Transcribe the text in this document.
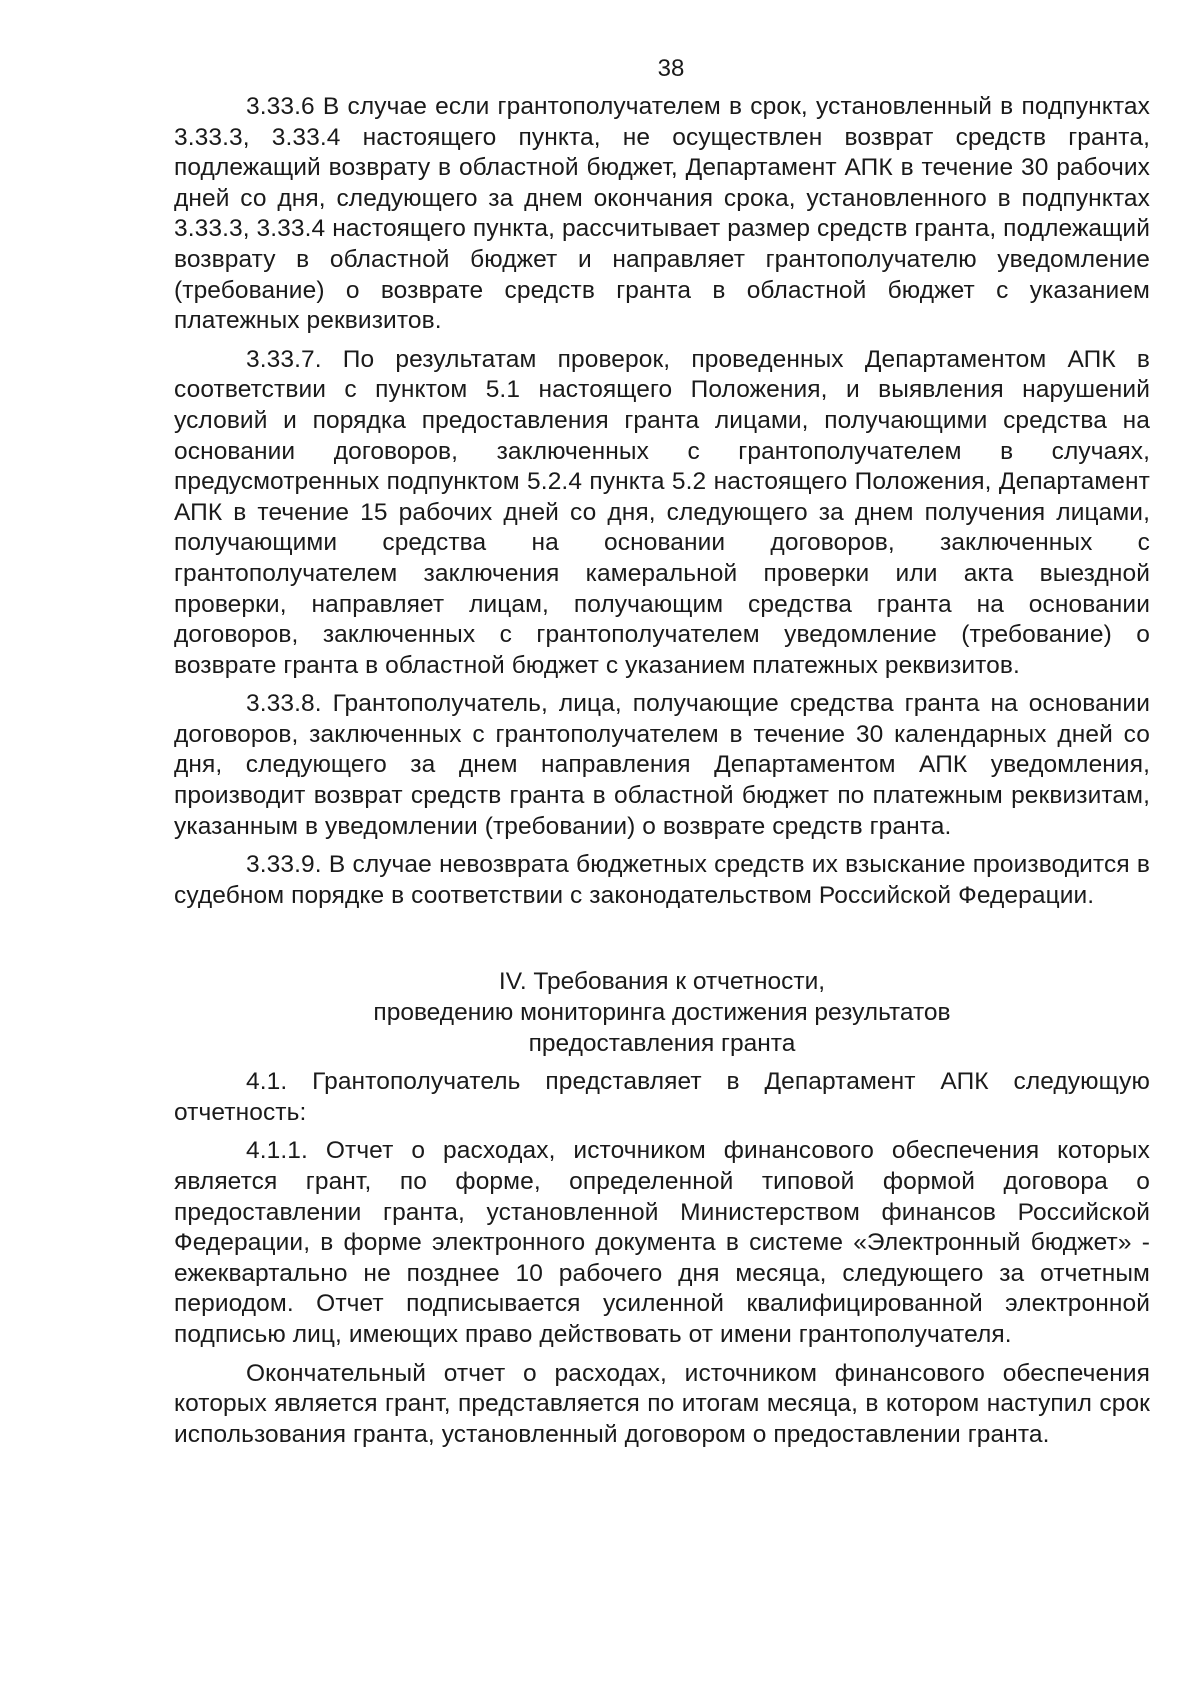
38

3.33.6 В случае если грантополучателем в срок, установленный в подпунктах 3.33.3, 3.33.4 настоящего пункта, не осуществлен возврат средств гранта, подлежащий возврату в областной бюджет, Департамент АПК в течение 30 рабочих дней со дня, следующего за днем окончания срока, установленного в подпунктах 3.33.3, 3.33.4 настоящего пункта, рассчитывает размер средств гранта, подлежащий возврату в областной бюджет и направляет грантополучателю уведомление (требование) о возврате средств гранта в областной бюджет с указанием платежных реквизитов.

3.33.7. По результатам проверок, проведенных Департаментом АПК в соответствии с пунктом 5.1 настоящего Положения, и выявления нарушений условий и порядка предоставления гранта лицами, получающими средства на основании договоров, заключенных с грантополучателем в случаях, предусмотренных подпунктом 5.2.4 пункта 5.2 настоящего Положения, Департамент АПК в течение 15 рабочих дней со дня, следующего за днем получения лицами, получающими средства на основании договоров, заключенных с грантополучателем заключения камеральной проверки или акта выездной проверки, направляет лицам, получающим средства гранта на основании договоров, заключенных с грантополучателем уведомление (требование) о возврате гранта в областной бюджет с указанием платежных реквизитов.

3.33.8. Грантополучатель, лица, получающие средства гранта на основании договоров, заключенных с грантополучателем в течение 30 календарных дней со дня, следующего за днем направления Департаментом АПК уведомления, производит возврат средств гранта в областной бюджет по платежным реквизитам, указанным в уведомлении (требовании) о возврате средств гранта.

3.33.9. В случае невозврата бюджетных средств их взыскание производится в судебном порядке в соответствии с законодательством Российской Федерации.

IV. Требования к отчетности,
проведению мониторинга достижения результатов
предоставления гранта

4.1. Грантополучатель представляет в Департамент АПК следующую отчетность:

4.1.1. Отчет о расходах, источником финансового обеспечения которых является грант, по форме, определенной типовой формой договора о предоставлении гранта, установленной Министерством финансов Российской Федерации, в форме электронного документа в системе «Электронный бюджет» - ежеквартально не позднее 10 рабочего дня месяца, следующего за отчетным периодом. Отчет подписывается усиленной квалифицированной электронной подписью лиц, имеющих право действовать от имени грантополучателя.

Окончательный отчет о расходах, источником финансового обеспечения которых является грант, представляется по итогам месяца, в котором наступил срок использования гранта, установленный договором о предоставлении гранта.
